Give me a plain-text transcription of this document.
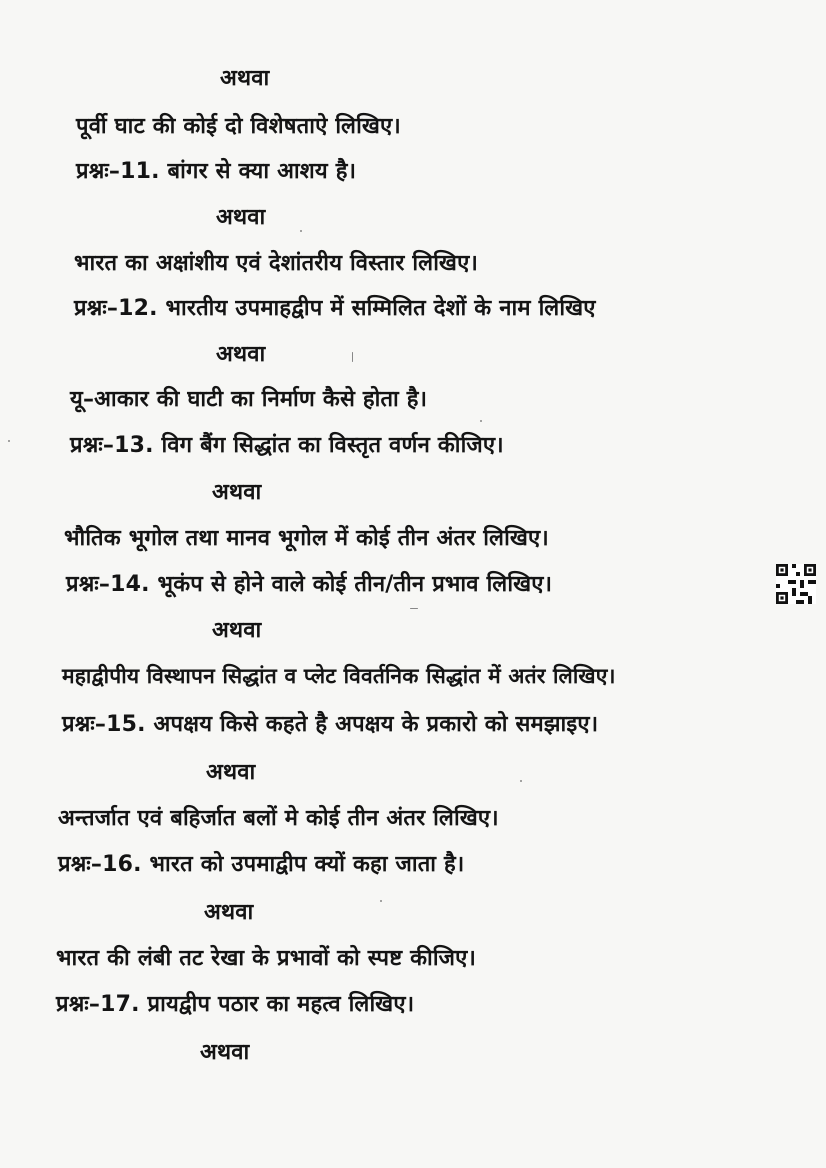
अथवा
पूर्वी घाट की कोई दो विशेषताऐ लिखिए।
प्रश्नः–11. बांगर से क्या आशय है।
अथवा
भारत का अक्षांशीय एवं देशांतरीय विस्तार लिखिए।
प्रश्नः–12. भारतीय उपमाहद्वीप में सम्मिलित देशों के नाम लिखिए
अथवा
यू–आकार की घाटी का निर्माण कैसे होता है।
प्रश्नः–13. विग बैंग सिद्धांत का विस्तृत वर्णन कीजिए।
अथवा
भौतिक भूगोल तथा मानव भूगोल में कोई तीन अंतर लिखिए।
प्रश्नः–14. भूकंप से होने वाले कोई तीन/तीन प्रभाव लिखिए।
अथवा
महाद्वीपीय विस्थापन सिद्धांत व प्लेट विवर्तनिक सिद्धांत में अतंर लिखिए।
प्रश्नः–15. अपक्षय किसे कहते है अपक्षय के प्रकारो को समझाइए।
अथवा
अन्तर्जात एवं बहिर्जात बलों मे कोई तीन अंतर लिखिए।
प्रश्नः–16. भारत को उपमाद्वीप क्यों कहा जाता है।
अथवा
भारत की लंबी तट रेखा के प्रभावों को स्पष्ट कीजिए।
प्रश्नः–17. प्रायद्वीप पठार का महत्व लिखिए।
अथवा
